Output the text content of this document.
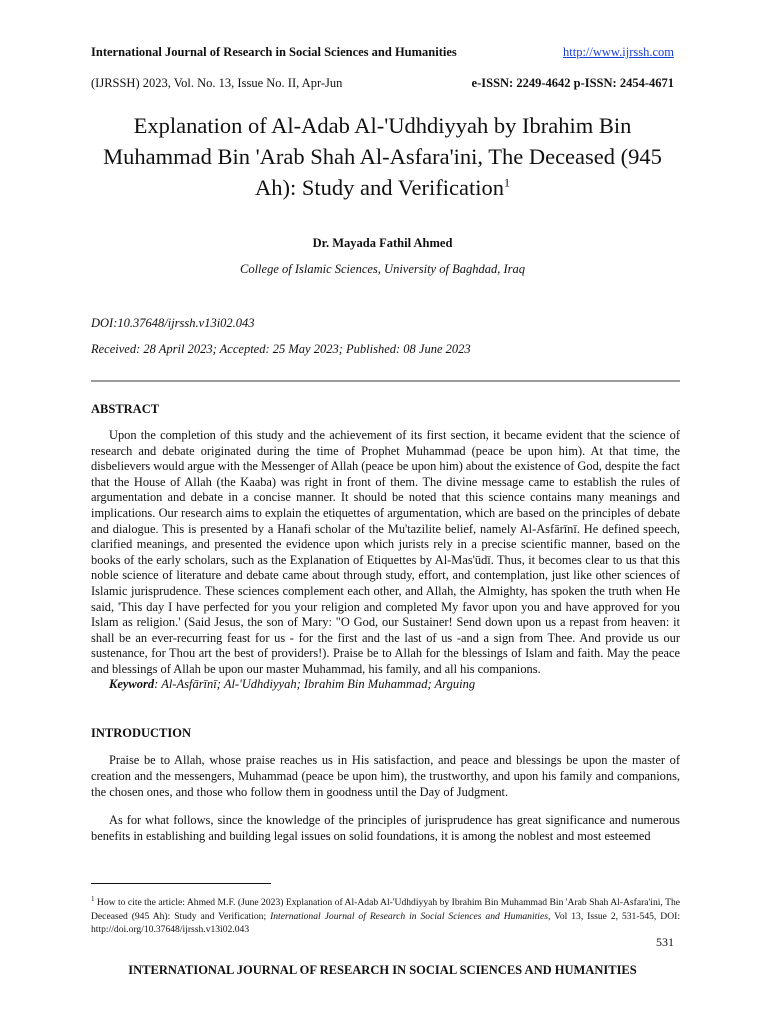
International Journal of Research in Social Sciences and Humanities	http://www.ijrssh.com
(IJRSSH) 2023, Vol. No. 13, Issue No. II, Apr-Jun	e-ISSN: 2249-4642 p-ISSN: 2454-4671
Explanation of Al-Adab Al-'Udhdiyyah by Ibrahim Bin Muhammad Bin 'Arab Shah Al-Asfara'ini, The Deceased (945 Ah): Study and Verification$^1$
Dr. Mayada Fathil Ahmed
College of Islamic Sciences, University of Baghdad, Iraq
DOI:10.37648/ijrssh.v13i02.043
Received: 28 April 2023; Accepted: 25 May 2023; Published: 08 June 2023
ABSTRACT

Upon the completion of this study and the achievement of its first section, it became evident that the science of research and debate originated during the time of Prophet Muhammad (peace be upon him). At that time, the disbelievers would argue with the Messenger of Allah (peace be upon him) about the existence of God, despite the fact that the House of Allah (the Kaaba) was right in front of them. The divine message came to establish the rules of argumentation and debate in a concise manner. It should be noted that this science contains many meanings and implications. Our research aims to explain the etiquettes of argumentation, which are based on the principles of debate and dialogue. This is presented by a Hanafi scholar of the Mu'tazilite belief, namely Al-Asfārīnī. He defined speech, clarified meanings, and presented the evidence upon which jurists rely in a precise scientific manner, based on the books of the early scholars, such as the Explanation of Etiquettes by Al-Mas'ūdī. Thus, it becomes clear to us that this noble science of literature and debate came about through study, effort, and contemplation, just like other sciences of Islamic jurisprudence. These sciences complement each other, and Allah, the Almighty, has spoken the truth when He said, 'This day I have perfected for you your religion and completed My favor upon you and have approved for you Islam as religion.' (Said Jesus, the son of Mary: "O God, our Sustainer! Send down upon us a repast from heaven: it shall be an ever-recurring feast for us - for the first and the last of us -and a sign from Thee. And provide us our sustenance, for Thou art the best of providers!). Praise be to Allah for the blessings of Islam and faith. May the peace and blessings of Allah be upon our master Muhammad, his family, and all his companions.

Keyword: Al-Asfārīnī; Al-'Udhdiyyah; Ibrahim Bin Muhammad; Arguing
INTRODUCTION

Praise be to Allah, whose praise reaches us in His satisfaction, and peace and blessings be upon the master of creation and the messengers, Muhammad (peace be upon him), the trustworthy, and upon his family and companions, the chosen ones, and those who follow them in goodness until the Day of Judgment.

As for what follows, since the knowledge of the principles of jurisprudence has great significance and numerous benefits in establishing and building legal issues on solid foundations, it is among the noblest and most esteemed

$^1$ How to cite the article: Ahmed M.F. (June 2023) Explanation of Al-Adab Al-'Udhdiyyah by Ibrahim Bin Muhammad Bin 'Arab Shah Al-Asfara'ini, The Deceased (945 Ah): Study and Verification; International Journal of Research in Social Sciences and Humanities, Vol 13, Issue 2, 531-545, DOI: http://doi.org/10.37648/ijrssh.v13i02.043

531
INTERNATIONAL JOURNAL OF RESEARCH IN SOCIAL SCIENCES AND HUMANITIES
